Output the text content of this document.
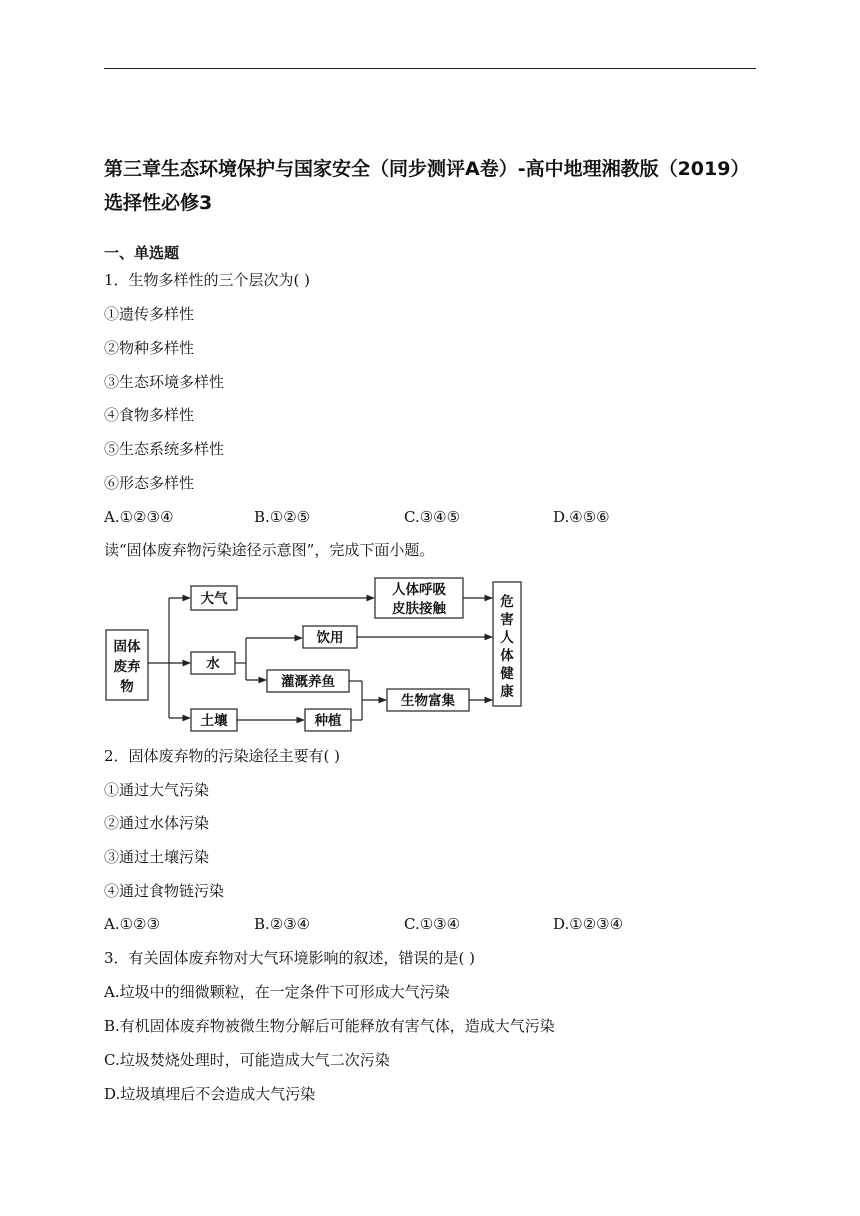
第三章生态环境保护与国家安全（同步测评A卷）-高中地理湘教版（2019）选择性必修3
一、单选题
1．生物多样性的三个层次为( )
①遗传多样性
②物种多样性
③生态环境多样性
④食物多样性
⑤生态系统多样性
⑥形态多样性
A.①②③④	B.①②⑤	C.③④⑤	D.④⑤⑥
读“固体废弃物污染途径示意图”，完成下面小题。
固体
废弃
物
大气
人体呼吸
皮肤接触
水
饮用
灌溉养鱼
土壤	种植
生物富集
危
害
人
体
健
康
2．固体废弃物的污染途径主要有( )
①通过大气污染
②通过水体污染
③通过土壤污染
④通过食物链污染
A.①②③	B.②③④	C.①③④	D.①②③④
3．有关固体废弃物对大气环境影响的叙述，错误的是( )
A.垃圾中的细微颗粒，在一定条件下可形成大气污染
B.有机固体废弃物被微生物分解后可能释放有害气体，造成大气污染
C.垃圾焚烧处理时，可能造成大气二次污染
D.垃圾填埋后不会造成大气污染
